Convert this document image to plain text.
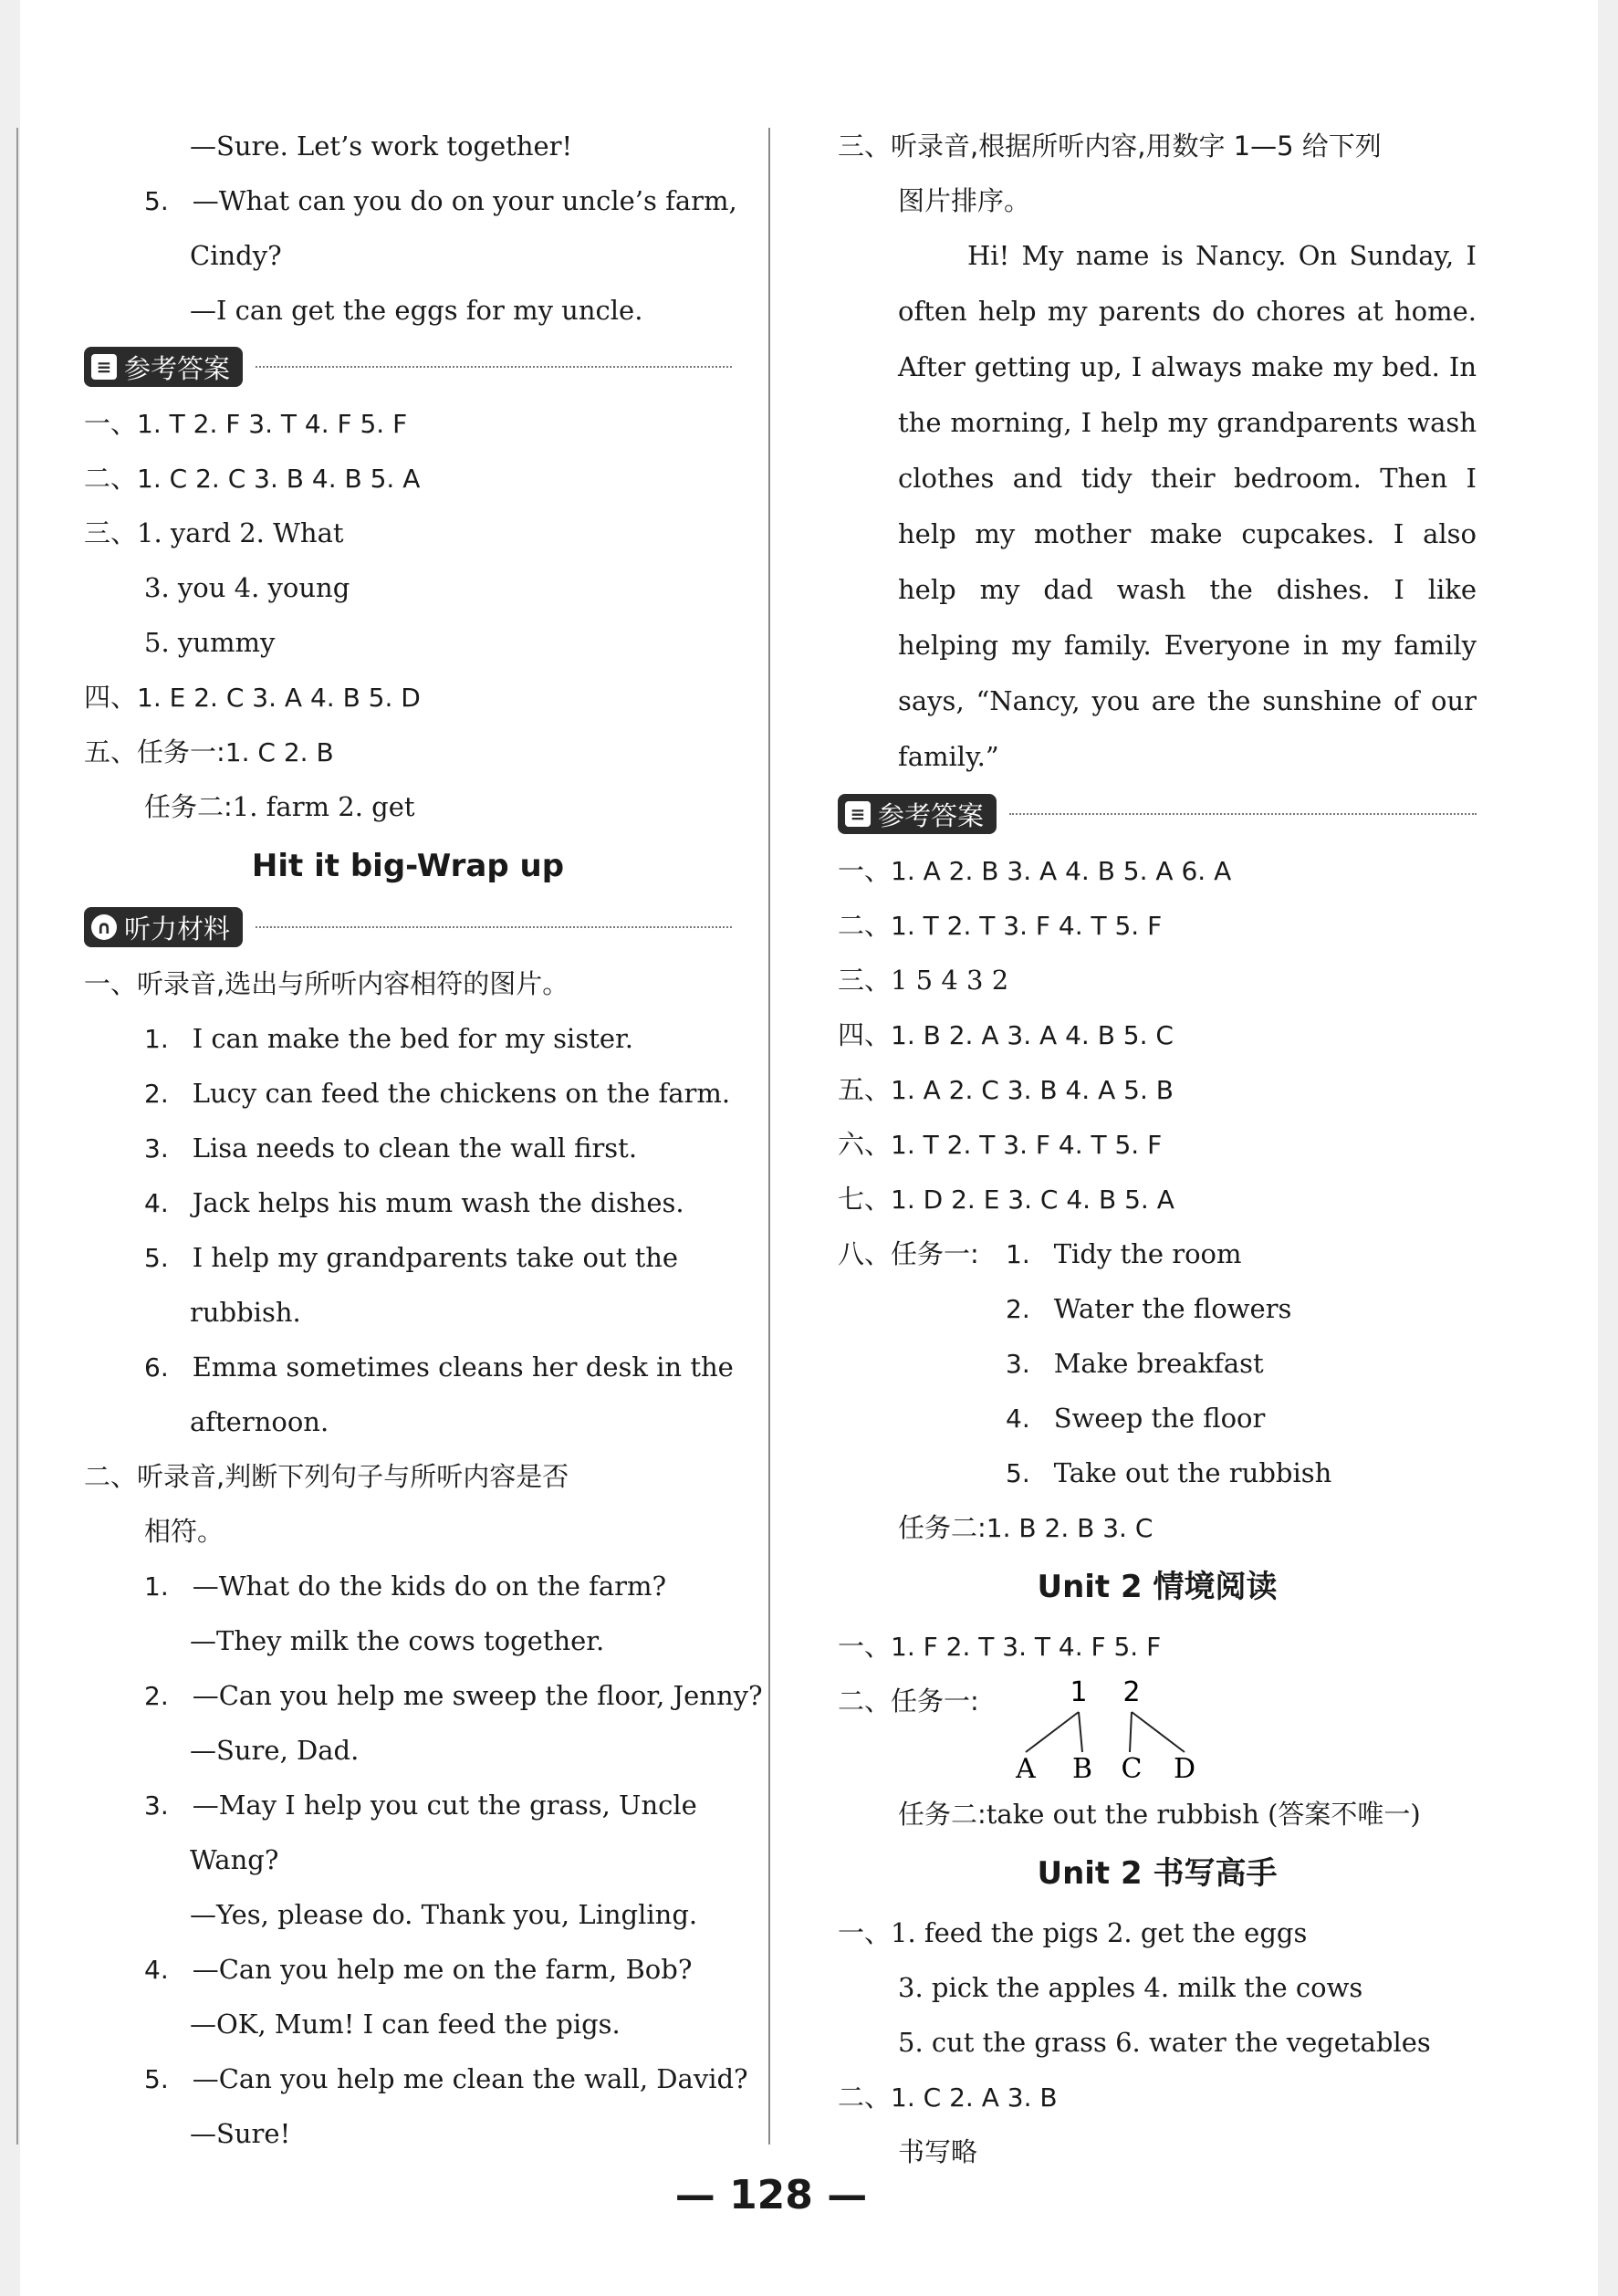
—Sure. Let’s work together!
5. —What can you do on your uncle’s farm,
Cindy?
—I can get the eggs for my uncle.
≡ 参考答案
一、1. T 2. F 3. T 4. F 5. F
二、1. C 2. C 3. B 4. B 5. A
三、1. yard 2. What
3. you 4. young
5. yummy
四、1. E 2. C 3. A 4. B 5. D
五、任务一:1. C 2. B
任务二:1. farm 2. get
Hit it big-Wrap up
∩ 听力材料
一、听录音,选出与所听内容相符的图片。
1. I can make the bed for my sister.
2. Lucy can feed the chickens on the farm.
3. Lisa needs to clean the wall first.
4. Jack helps his mum wash the dishes.
5. I help my grandparents take out the
rubbish.
6. Emma sometimes cleans her desk in the
afternoon.
二、听录音,判断下列句子与所听内容是否
相符。
1. —What do the kids do on the farm?
—They milk the cows together.
2. —Can you help me sweep the floor, Jenny?
—Sure, Dad.
3. —May I help you cut the grass, Uncle
Wang?
—Yes, please do. Thank you, Lingling.
4. —Can you help me on the farm, Bob?
—OK, Mum! I can feed the pigs.
5. —Can you help me clean the wall, David?
—Sure!
三、听录音,根据所听内容,用数字 1—5 给下列
图片排序。
Hi! My name is Nancy. On Sunday, I often help my parents do chores at home. After getting up, I always make my bed. In the morning, I help my grandparents wash clothes and tidy their bedroom. Then I help my mother make cupcakes. I also help my dad wash the dishes. I like helping my family. Everyone in my family says, “Nancy, you are the sunshine of our family.”
≡ 参考答案
一、1. A 2. B 3. A 4. B 5. A 6. A
二、1. T 2. T 3. F 4. T 5. F
三、1 5 4 3 2
四、1. B 2. A 3. A 4. B 5. C
五、1. A 2. C 3. B 4. A 5. B
六、1. T 2. T 3. F 4. T 5. F
七、1. D 2. E 3. C 4. B 5. A
八、任务一:	1. Tidy the room
2. Water the flowers
3. Make breakfast
4. Sweep the floor
5. Take out the rubbish
任务二:1. B 2. B 3. C
Unit 2 情境阅读
一、1. F 2. T 3. T 4. F 5. F
二、任务一:	1 2
A B C D
任务二:take out the rubbish (答案不唯一)
Unit 2 书写高手
一、1. feed the pigs 2. get the eggs
3. pick the apples 4. milk the cows
5. cut the grass 6. water the vegetables
二、1. C 2. A 3. B
书写略
— 128 —
